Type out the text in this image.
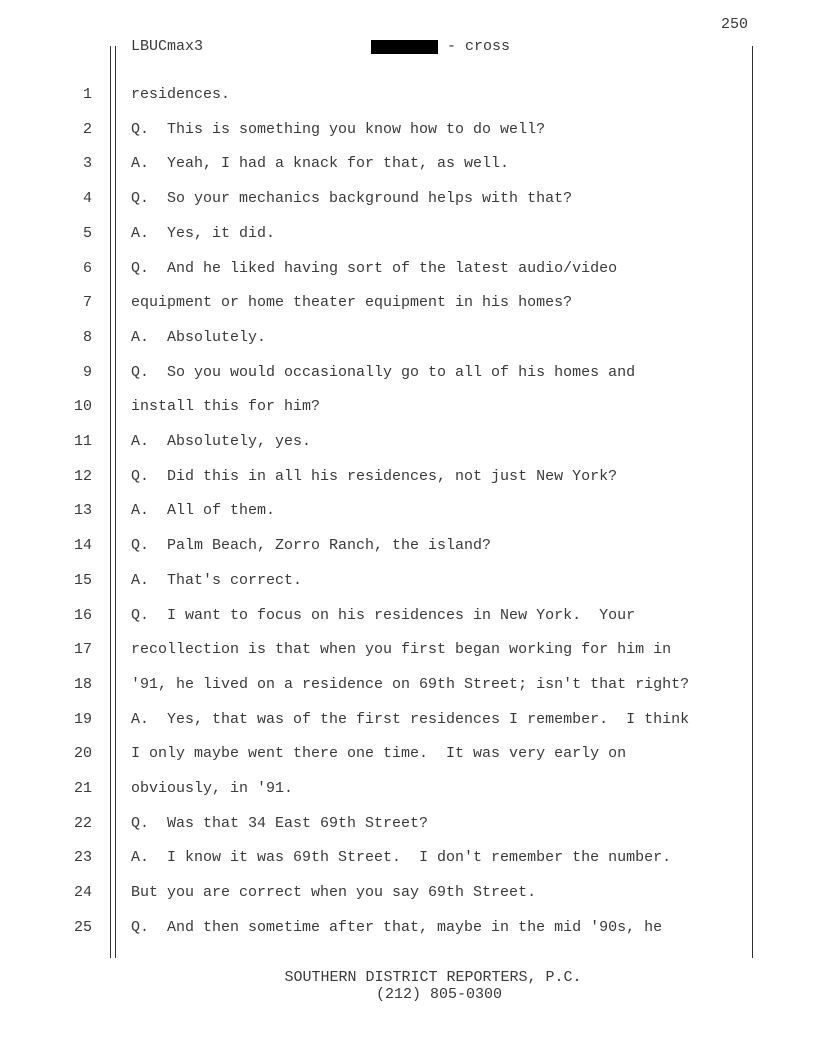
250
LBUCmax3	- cross
1	residences.
2	Q.  This is something you know how to do well?
3	A.  Yeah, I had a knack for that, as well.
4	Q.  So your mechanics background helps with that?
5	A.  Yes, it did.
6	Q.  And he liked having sort of the latest audio/video
7	equipment or home theater equipment in his homes?
8	A.  Absolutely.
9	Q.  So you would occasionally go to all of his homes and
10	install this for him?
11	A.  Absolutely, yes.
12	Q.  Did this in all his residences, not just New York?
13	A.  All of them.
14	Q.  Palm Beach, Zorro Ranch, the island?
15	A.  That's correct.
16	Q.  I want to focus on his residences in New York.  Your
17	recollection is that when you first began working for him in
18	'91, he lived on a residence on 69th Street; isn't that right?
19	A.  Yes, that was of the first residences I remember.  I think
20	I only maybe went there one time.  It was very early on
21	obviously, in '91.
22	Q.  Was that 34 East 69th Street?
23	A.  I know it was 69th Street.  I don't remember the number.
24	But you are correct when you say 69th Street.
25	Q.  And then sometime after that, maybe in the mid '90s, he
SOUTHERN DISTRICT REPORTERS, P.C.
(212) 805-0300
